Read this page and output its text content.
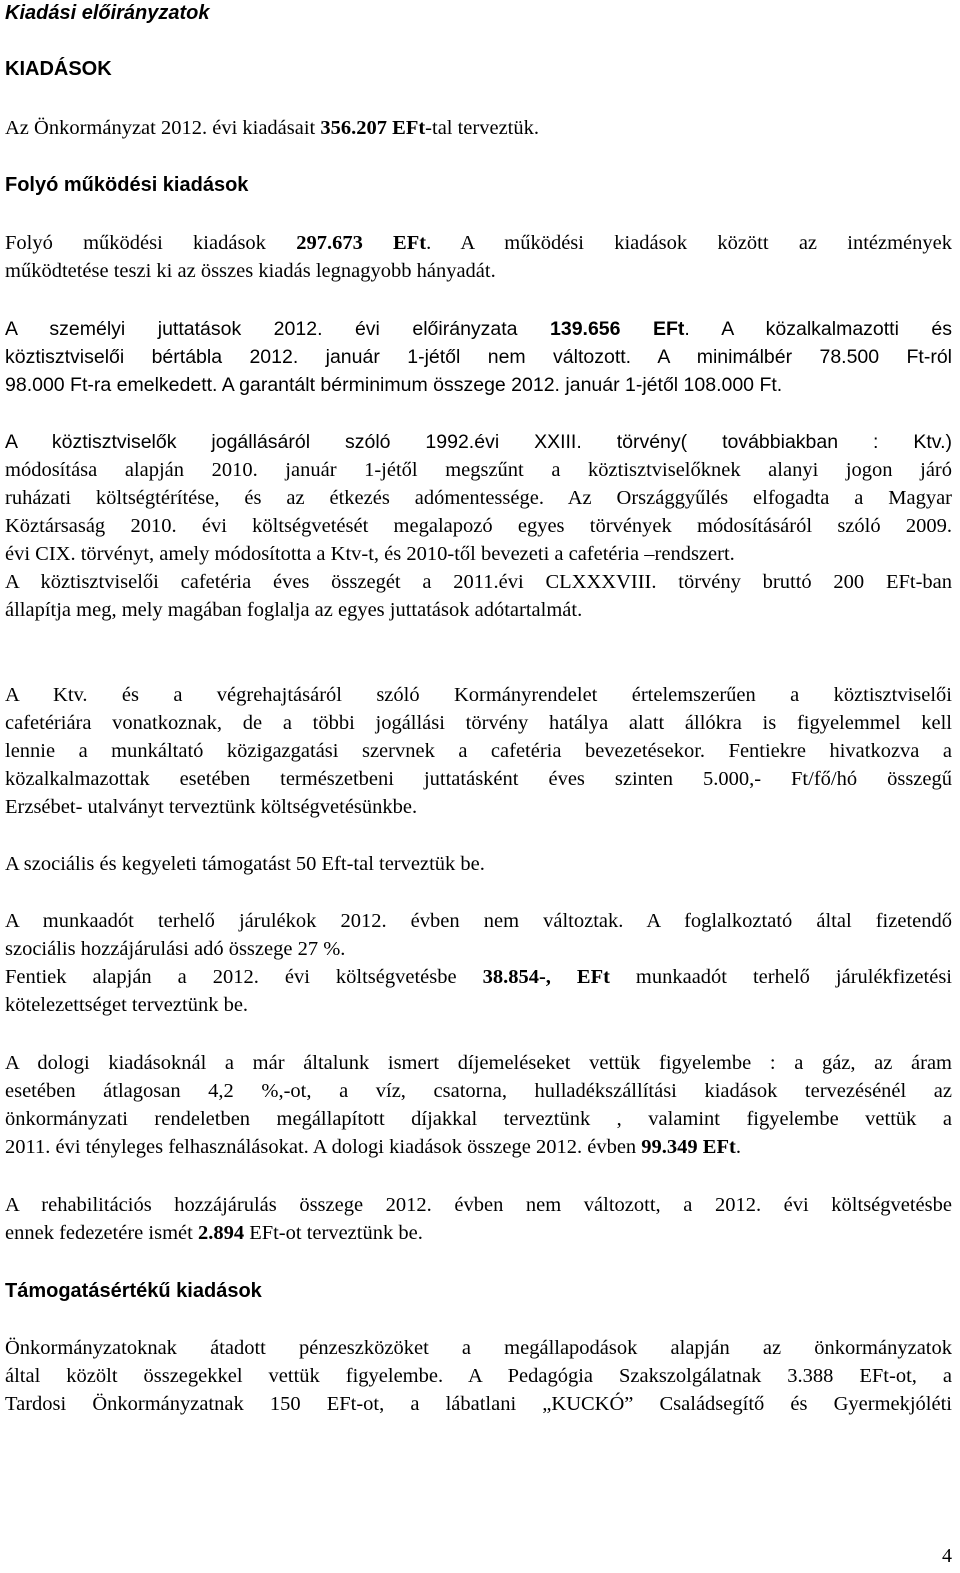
Kiadási előirányzatok
KIADÁSOK
Az Önkormányzat 2012. évi kiadásait 356.207 EFt-tal terveztük.
Folyó működési kiadások
Folyó működési kiadások 297.673 EFt. A működési kiadások között az intézmények
működtetése teszi ki az összes kiadás legnagyobb hányadát.
A személyi juttatások 2012. évi előirányzata 139.656 EFt. A közalkalmazotti és
köztisztviselői bértábla 2012. január 1-jétől nem változott. A minimálbér 78.500 Ft-ról
98.000 Ft-ra emelkedett. A garantált bérminimum összege 2012. január 1-jétől 108.000 Ft.
A köztisztviselők jogállásáról szóló 1992.évi XXIII. törvény( továbbiakban : Ktv.)
módosítása alapján 2010. január 1-jétől megszűnt a köztisztviselőknek alanyi jogon járó
ruházati költségtérítése, és az étkezés adómentessége. Az Országgyűlés elfogadta a Magyar
Köztársaság 2010. évi költségvetését megalapozó egyes törvények módosításáról szóló 2009.
évi CIX. törvényt, amely módosította a Ktv-t, és 2010-től bevezeti a cafetéria –rendszert.
A köztisztviselői cafetéria éves összegét a 2011.évi CLXXXVIII. törvény bruttó 200 EFt-ban
állapítja meg, mely magában foglalja az egyes juttatások adótartalmát.
A Ktv. és a végrehajtásáról szóló Kormányrendelet értelemszerűen a köztisztviselői
cafetériára vonatkoznak, de a többi jogállási törvény hatálya alatt állókra is figyelemmel kell
lennie a munkáltató közigazgatási szervnek a cafetéria bevezetésekor. Fentiekre hivatkozva a
közalkalmazottak esetében természetbeni juttatásként éves szinten 5.000,- Ft/fő/hó összegű
Erzsébet- utalványt terveztünk költségvetésünkbe.
A szociális és kegyeleti támogatást 50 Eft-tal terveztük be.
A munkaadót terhelő járulékok 2012. évben nem változtak. A foglalkoztató által fizetendő
szociális hozzájárulási adó összege 27 %.
Fentiek alapján a 2012. évi költségvetésbe 38.854-, EFt munkaadót terhelő járulékfizetési
kötelezettséget terveztünk be.
A dologi kiadásoknál a már általunk ismert díjemeléseket vettük figyelembe : a gáz, az áram
esetében átlagosan 4,2 %,-ot, a víz, csatorna, hulladékszállítási kiadások tervezésénél az
önkormányzati rendeletben megállapított díjakkal terveztünk , valamint figyelembe vettük a
2011. évi tényleges felhasználásokat. A dologi kiadások összege 2012. évben 99.349 EFt.
A rehabilitációs hozzájárulás összege 2012. évben nem változott, a 2012. évi költségvetésbe
ennek fedezetére ismét 2.894 EFt-ot terveztünk be.
Támogatásértékű kiadások
Önkormányzatoknak átadott pénzeszközöket a megállapodások alapján az önkormányzatok
által közölt összegekkel vettük figyelembe. A Pedagógia Szakszolgálatnak 3.388 EFt-ot, a
Tardosi Önkormányzatnak 150 EFt-ot, a lábatlani „KUCKÓ” Családsegítő és Gyermekjóléti
4
